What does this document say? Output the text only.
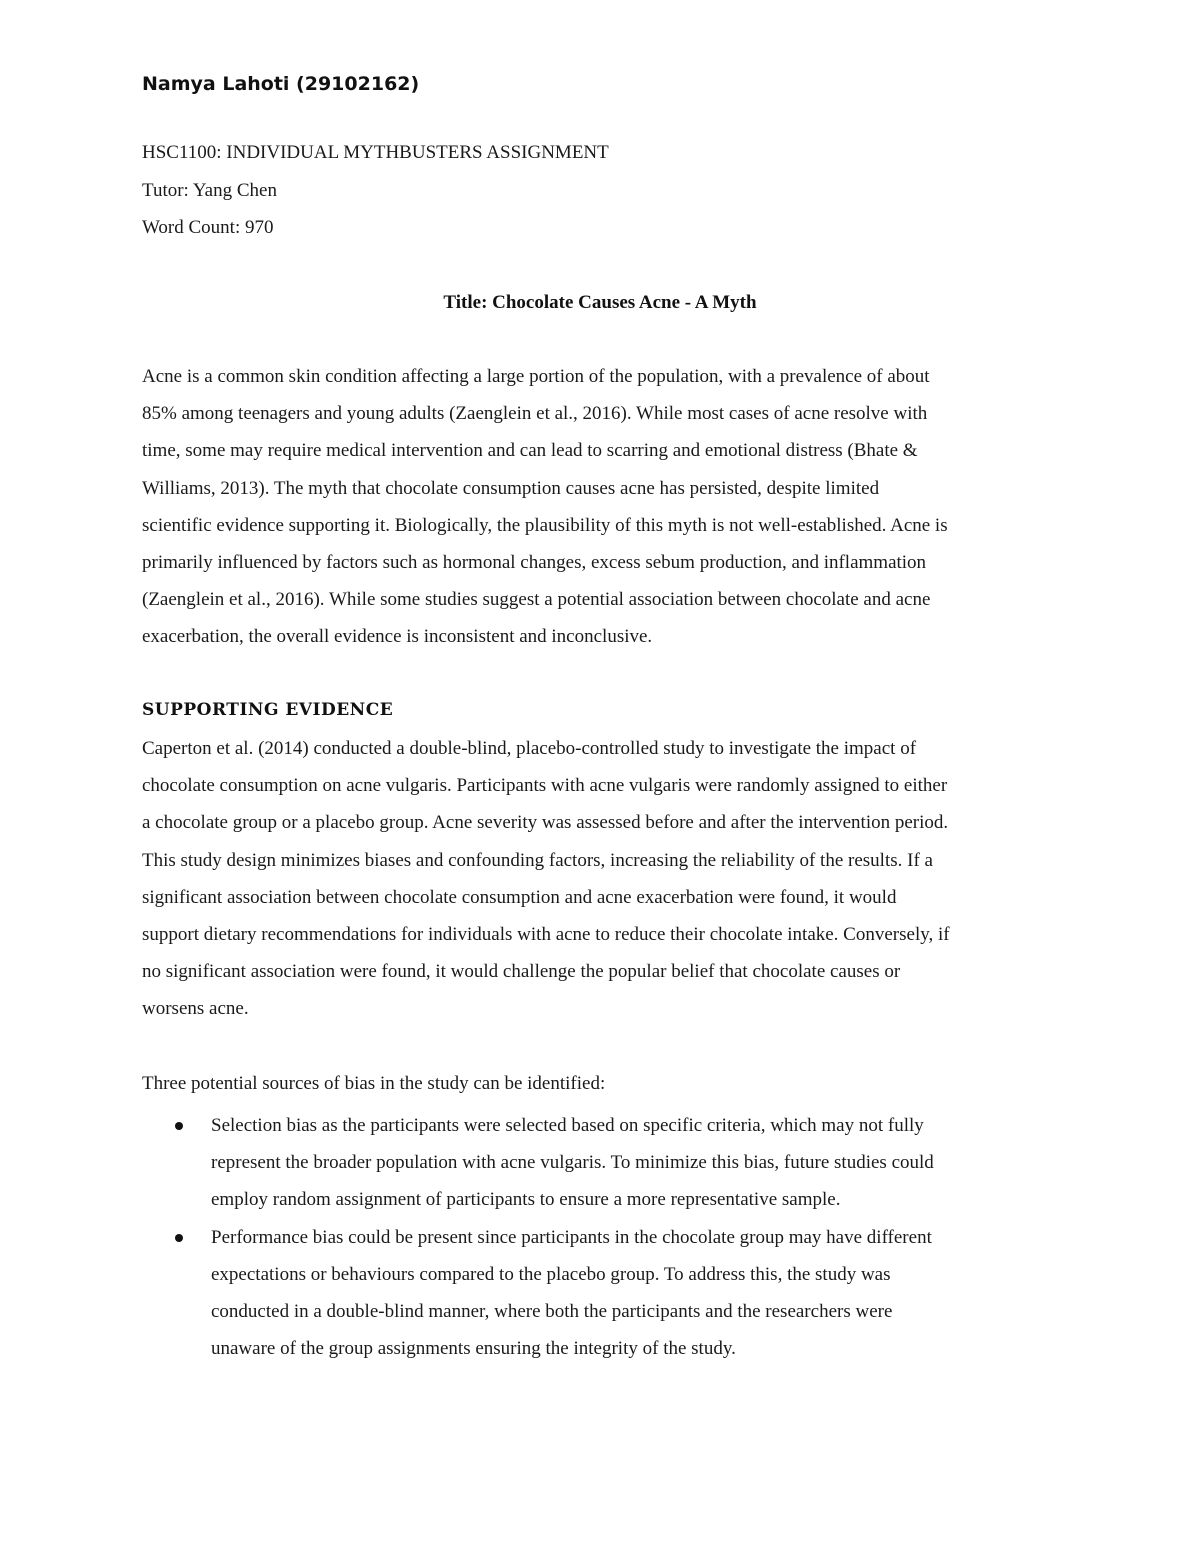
Namya Lahoti (29102162)
HSC1100: INDIVIDUAL MYTHBUSTERS ASSIGNMENT
Tutor: Yang Chen
Word Count: 970
Title: Chocolate Causes Acne - A Myth
Acne is a common skin condition affecting a large portion of the population, with a prevalence of about
85% among teenagers and young adults (Zaenglein et al., 2016). While most cases of acne resolve with
time, some may require medical intervention and can lead to scarring and emotional distress (Bhate &
Williams, 2013). The myth that chocolate consumption causes acne has persisted, despite limited
scientific evidence supporting it. Biologically, the plausibility of this myth is not well-established. Acne is
primarily influenced by factors such as hormonal changes, excess sebum production, and inflammation
(Zaenglein et al., 2016). While some studies suggest a potential association between chocolate and acne
exacerbation, the overall evidence is inconsistent and inconclusive.
SUPPORTING EVIDENCE
Caperton et al. (2014) conducted a double-blind, placebo-controlled study to investigate the impact of
chocolate consumption on acne vulgaris. Participants with acne vulgaris were randomly assigned to either
a chocolate group or a placebo group. Acne severity was assessed before and after the intervention period.
This study design minimizes biases and confounding factors, increasing the reliability of the results. If a
significant association between chocolate consumption and acne exacerbation were found, it would
support dietary recommendations for individuals with acne to reduce their chocolate intake. Conversely, if
no significant association were found, it would challenge the popular belief that chocolate causes or
worsens acne.
Three potential sources of bias in the study can be identified:
Selection bias as the participants were selected based on specific criteria, which may not fully
represent the broader population with acne vulgaris. To minimize this bias, future studies could
employ random assignment of participants to ensure a more representative sample.
Performance bias could be present since participants in the chocolate group may have different
expectations or behaviours compared to the placebo group. To address this, the study was
conducted in a double-blind manner, where both the participants and the researchers were
unaware of the group assignments ensuring the integrity of the study.
